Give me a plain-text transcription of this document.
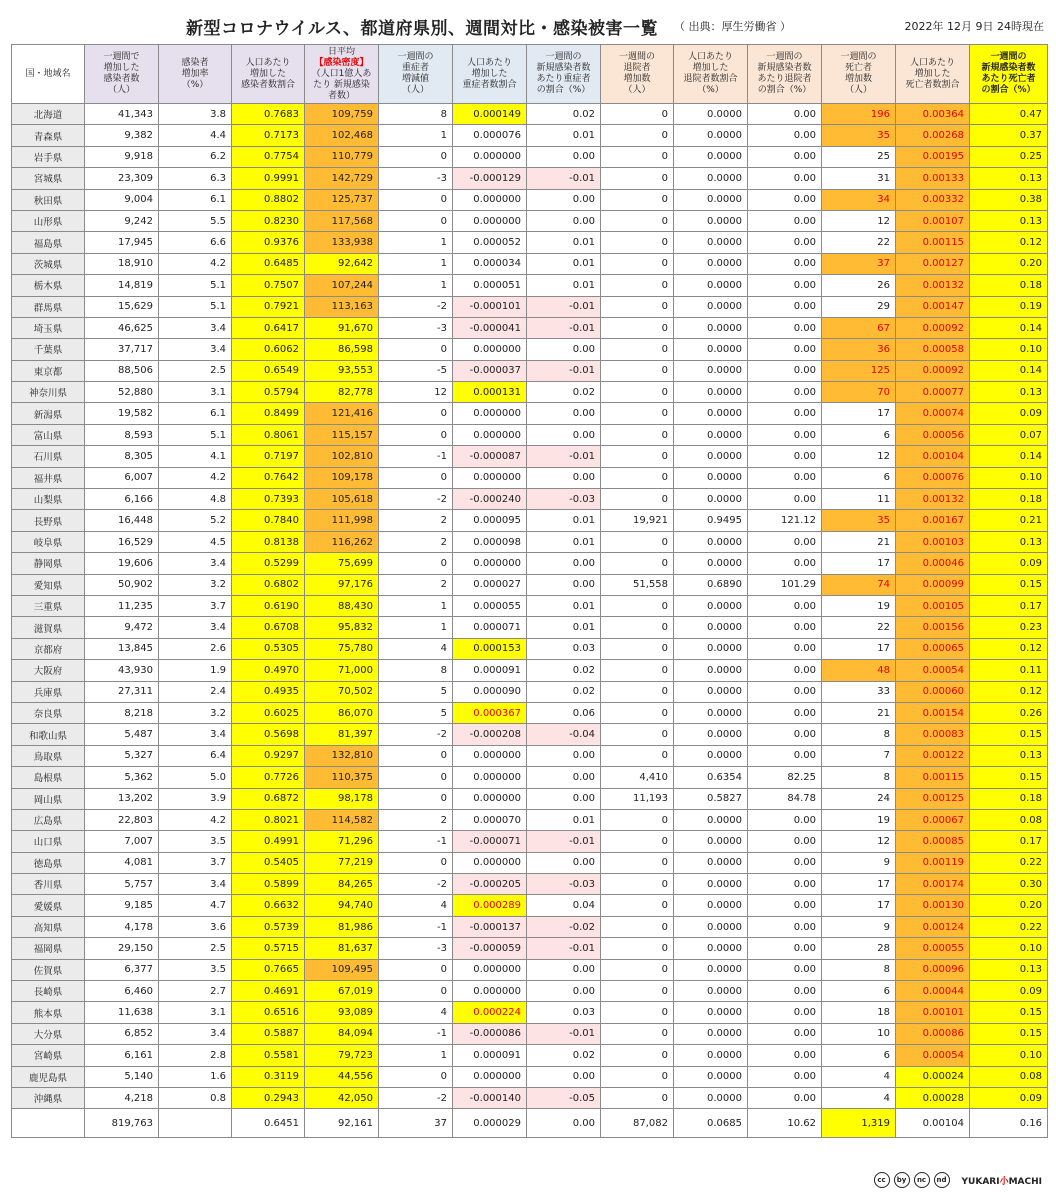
新型コロナウイルス、都道府県別、週間対比・感染被害一覧 （ 出典：厚生労働省 ）	2022年 12月 9日 24時現在
国・地域名	一週間で
増加した
感染者数
（人）	感染者
増加率
（%）	人口あたり
増加した
感染者数割合	日平均
【感染密度】
（人口1億人あたり 新規感染者数）	一週間の
重症者
増減値
（人）	人口あたり
増加した
重症者数割合	一週間の
新規感染者数
あたり重症者
の割合（%）	一週間の
退院者
増加数
（人）	人口あたり
増加した
退院者数割合
（%）	一週間の
新規感染者数
あたり退院者
の割合（%）	一週間の
死亡者
増加数
（人）	人口あたり
増加した
死亡者数割合	一週間の
新規感染者数
あたり死亡者
の割合（%）
北海道	41,343	3.8	0.7683	109,759	8	0.000149	0.02	0	0.0000	0.00	196	0.00364	0.47
青森県	9,382	4.4	0.7173	102,468	1	0.000076	0.01	0	0.0000	0.00	35	0.00268	0.37
岩手県	9,918	6.2	0.7754	110,779	0	0.000000	0.00	0	0.0000	0.00	25	0.00195	0.25
宮城県	23,309	6.3	0.9991	142,729	-3	-0.000129	-0.01	0	0.0000	0.00	31	0.00133	0.13
秋田県	9,004	6.1	0.8802	125,737	0	0.000000	0.00	0	0.0000	0.00	34	0.00332	0.38
山形県	9,242	5.5	0.8230	117,568	0	0.000000	0.00	0	0.0000	0.00	12	0.00107	0.13
福島県	17,945	6.6	0.9376	133,938	1	0.000052	0.01	0	0.0000	0.00	22	0.00115	0.12
茨城県	18,910	4.2	0.6485	92,642	1	0.000034	0.01	0	0.0000	0.00	37	0.00127	0.20
栃木県	14,819	5.1	0.7507	107,244	1	0.000051	0.01	0	0.0000	0.00	26	0.00132	0.18
群馬県	15,629	5.1	0.7921	113,163	-2	-0.000101	-0.01	0	0.0000	0.00	29	0.00147	0.19
埼玉県	46,625	3.4	0.6417	91,670	-3	-0.000041	-0.01	0	0.0000	0.00	67	0.00092	0.14
千葉県	37,717	3.4	0.6062	86,598	0	0.000000	0.00	0	0.0000	0.00	36	0.00058	0.10
東京都	88,506	2.5	0.6549	93,553	-5	-0.000037	-0.01	0	0.0000	0.00	125	0.00092	0.14
神奈川県	52,880	3.1	0.5794	82,778	12	0.000131	0.02	0	0.0000	0.00	70	0.00077	0.13
新潟県	19,582	6.1	0.8499	121,416	0	0.000000	0.00	0	0.0000	0.00	17	0.00074	0.09
富山県	8,593	5.1	0.8061	115,157	0	0.000000	0.00	0	0.0000	0.00	6	0.00056	0.07
石川県	8,305	4.1	0.7197	102,810	-1	-0.000087	-0.01	0	0.0000	0.00	12	0.00104	0.14
福井県	6,007	4.2	0.7642	109,178	0	0.000000	0.00	0	0.0000	0.00	6	0.00076	0.10
山梨県	6,166	4.8	0.7393	105,618	-2	-0.000240	-0.03	0	0.0000	0.00	11	0.00132	0.18
長野県	16,448	5.2	0.7840	111,998	2	0.000095	0.01	19,921	0.9495	121.12	35	0.00167	0.21
岐阜県	16,529	4.5	0.8138	116,262	2	0.000098	0.01	0	0.0000	0.00	21	0.00103	0.13
静岡県	19,606	3.4	0.5299	75,699	0	0.000000	0.00	0	0.0000	0.00	17	0.00046	0.09
愛知県	50,902	3.2	0.6802	97,176	2	0.000027	0.00	51,558	0.6890	101.29	74	0.00099	0.15
三重県	11,235	3.7	0.6190	88,430	1	0.000055	0.01	0	0.0000	0.00	19	0.00105	0.17
滋賀県	9,472	3.4	0.6708	95,832	1	0.000071	0.01	0	0.0000	0.00	22	0.00156	0.23
京都府	13,845	2.6	0.5305	75,780	4	0.000153	0.03	0	0.0000	0.00	17	0.00065	0.12
大阪府	43,930	1.9	0.4970	71,000	8	0.000091	0.02	0	0.0000	0.00	48	0.00054	0.11
兵庫県	27,311	2.4	0.4935	70,502	5	0.000090	0.02	0	0.0000	0.00	33	0.00060	0.12
奈良県	8,218	3.2	0.6025	86,070	5	0.000367	0.06	0	0.0000	0.00	21	0.00154	0.26
和歌山県	5,487	3.4	0.5698	81,397	-2	-0.000208	-0.04	0	0.0000	0.00	8	0.00083	0.15
鳥取県	5,327	6.4	0.9297	132,810	0	0.000000	0.00	0	0.0000	0.00	7	0.00122	0.13
島根県	5,362	5.0	0.7726	110,375	0	0.000000	0.00	4,410	0.6354	82.25	8	0.00115	0.15
岡山県	13,202	3.9	0.6872	98,178	0	0.000000	0.00	11,193	0.5827	84.78	24	0.00125	0.18
広島県	22,803	4.2	0.8021	114,582	2	0.000070	0.01	0	0.0000	0.00	19	0.00067	0.08
山口県	7,007	3.5	0.4991	71,296	-1	-0.000071	-0.01	0	0.0000	0.00	12	0.00085	0.17
徳島県	4,081	3.7	0.5405	77,219	0	0.000000	0.00	0	0.0000	0.00	9	0.00119	0.22
香川県	5,757	3.4	0.5899	84,265	-2	-0.000205	-0.03	0	0.0000	0.00	17	0.00174	0.30
愛媛県	9,185	4.7	0.6632	94,740	4	0.000289	0.04	0	0.0000	0.00	17	0.00130	0.20
高知県	4,178	3.6	0.5739	81,986	-1	-0.000137	-0.02	0	0.0000	0.00	9	0.00124	0.22
福岡県	29,150	2.5	0.5715	81,637	-3	-0.000059	-0.01	0	0.0000	0.00	28	0.00055	0.10
佐賀県	6,377	3.5	0.7665	109,495	0	0.000000	0.00	0	0.0000	0.00	8	0.00096	0.13
長崎県	6,460	2.7	0.4691	67,019	0	0.000000	0.00	0	0.0000	0.00	6	0.00044	0.09
熊本県	11,638	3.1	0.6516	93,089	4	0.000224	0.03	0	0.0000	0.00	18	0.00101	0.15
大分県	6,852	3.4	0.5887	84,094	-1	-0.000086	-0.01	0	0.0000	0.00	10	0.00086	0.15
宮崎県	6,161	2.8	0.5581	79,723	1	0.000091	0.02	0	0.0000	0.00	6	0.00054	0.10
鹿児島県	5,140	1.6	0.3119	44,556	0	0.000000	0.00	0	0.0000	0.00	4	0.00024	0.08
沖縄県	4,218	0.8	0.2943	42,050	-2	-0.000140	-0.05	0	0.0000	0.00	4	0.00028	0.09
	819,763		0.6451	92,161	37	0.000029	0.00	87,082	0.0685	10.62	1,319	0.00104	0.16
cc	by	nc	nd	YUKARI小MACHI
